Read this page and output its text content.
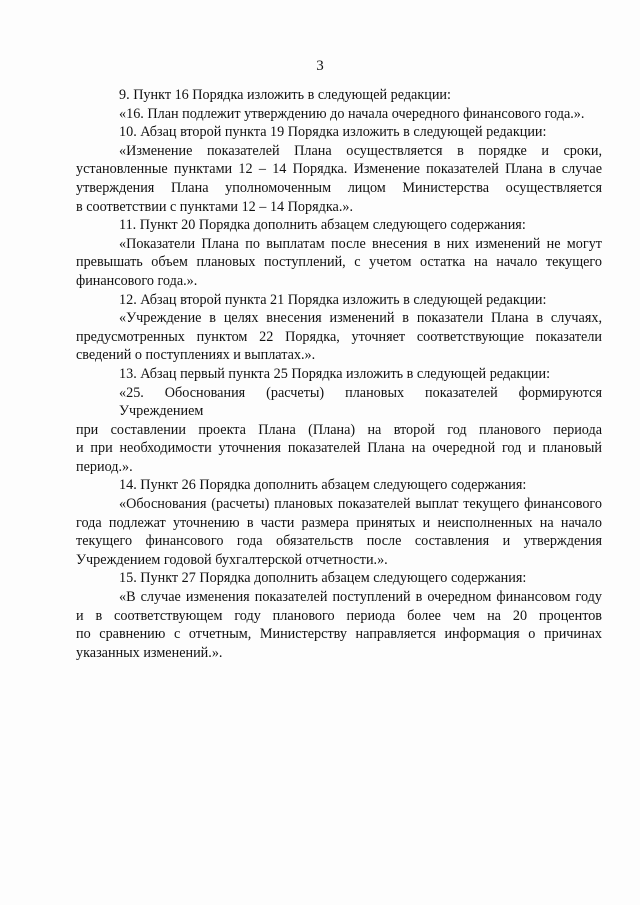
3
9. Пункт 16 Порядка изложить в следующей редакции:
«16. План подлежит утверждению до начала очередного финансового года.».
10. Абзац второй пункта 19 Порядка изложить в следующей редакции:
«Изменение показателей Плана осуществляется в порядке и сроки,
установленные пунктами 12 – 14 Порядка. Изменение показателей Плана в случае
утверждения Плана уполномоченным лицом Министерства осуществляется
в соответствии с пунктами 12 – 14 Порядка.».
11. Пункт 20 Порядка дополнить абзацем следующего содержания:
«Показатели Плана по выплатам после внесения в них изменений не могут
превышать объем плановых поступлений, с учетом остатка на начало текущего
финансового года.».
12. Абзац второй пункта 21 Порядка изложить в следующей редакции:
«Учреждение в целях внесения изменений в показатели Плана в случаях,
предусмотренных пунктом 22 Порядка, уточняет соответствующие показатели
сведений о поступлениях и выплатах.».
13. Абзац первый пункта 25 Порядка изложить в следующей редакции:
«25. Обоснования (расчеты) плановых показателей формируются Учреждением
при составлении проекта Плана (Плана) на второй год планового периода
и при необходимости уточнения показателей Плана на очередной год и плановый
период.».
14. Пункт 26 Порядка дополнить абзацем следующего содержания:
«Обоснования (расчеты) плановых показателей выплат текущего финансового
года подлежат уточнению в части размера принятых и неисполненных на начало
текущего финансового года обязательств после составления и утверждения
Учреждением годовой бухгалтерской отчетности.».
15. Пункт 27 Порядка дополнить абзацем следующего содержания:
«В случае изменения показателей поступлений в очередном финансовом году
и в соответствующем году планового периода более чем на 20 процентов
по сравнению с отчетным, Министерству направляется информация о причинах
указанных изменений.».
